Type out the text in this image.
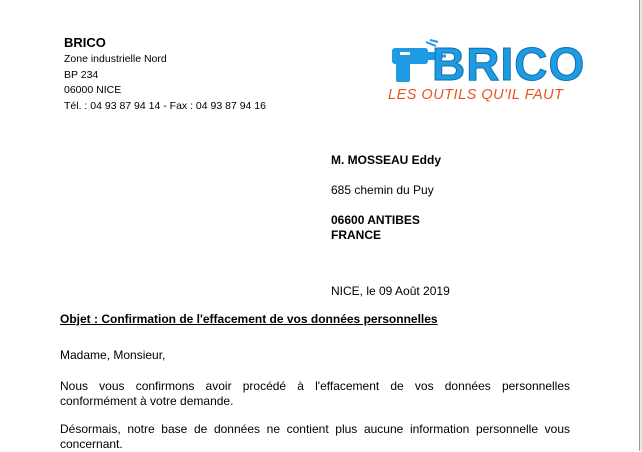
BRICO
Zone industrielle Nord
BP 234
06000 NICE
Tél. : 04 93 87 94 14 - Fax : 04 93 87 94 16
BRICO
LES OUTILS QU'IL FAUT
M. MOSSEAU Eddy
685 chemin du Puy
06600 ANTIBES
FRANCE
NICE, le 09 Août 2019
Objet : Confirmation de l'effacement de vos données personnelles
Madame, Monsieur,
Nous vous confirmons avoir procédé à l'effacement de vos données personnelles conformément à votre demande.
Désormais, notre base de données ne contient plus aucune information personnelle vous concernant.
